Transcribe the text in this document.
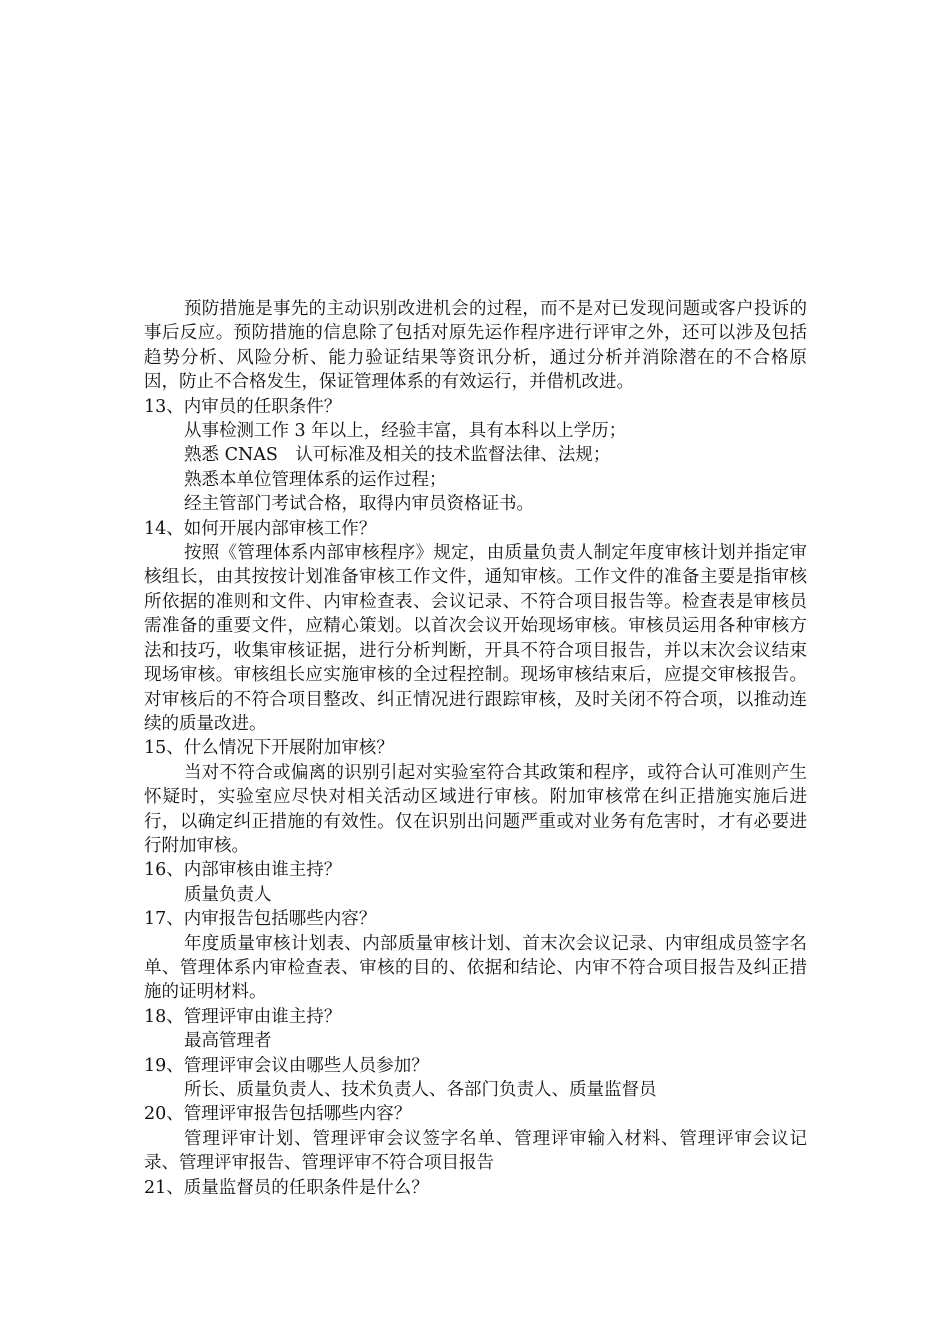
预防措施是事先的主动识别改进机会的过程，而不是对已发现问题或客户投诉的事后反应。预防措施的信息除了包括对原先运作程序进行评审之外，还可以涉及包括趋势分析、风险分析、能力验证结果等资讯分析，通过分析并消除潜在的不合格原因，防止不合格发生，保证管理体系的有效运行，并借机改进。

13、内审员的任职条件？

从事检测工作 3 年以上，经验丰富，具有本科以上学历；

熟悉 CNAS　认可标准及相关的技术监督法律、法规；

熟悉本单位管理体系的运作过程；

经主管部门考试合格，取得内审员资格证书。

14、如何开展内部审核工作？

按照《管理体系内部审核程序》规定，由质量负责人制定年度审核计划并指定审核组长，由其按按计划准备审核工作文件，通知审核。工作文件的准备主要是指审核所依据的准则和文件、内审检查表、会议记录、不符合项目报告等。检查表是审核员需准备的重要文件，应精心策划。以首次会议开始现场审核。审核员运用各种审核方法和技巧，收集审核证据，进行分析判断，开具不符合项目报告，并以末次会议结束现场审核。审核组长应实施审核的全过程控制。现场审核结束后，应提交审核报告。对审核后的不符合项目整改、纠正情况进行跟踪审核，及时关闭不符合项，以推动连续的质量改进。

15、什么情况下开展附加审核？

当对不符合或偏离的识别引起对实验室符合其政策和程序，或符合认可准则产生怀疑时，实验室应尽快对相关活动区域进行审核。附加审核常在纠正措施实施后进行，以确定纠正措施的有效性。仅在识别出问题严重或对业务有危害时，才有必要进行附加审核。

16、内部审核由谁主持？

质量负责人

17、内审报告包括哪些内容？

年度质量审核计划表、内部质量审核计划、首末次会议记录、内审组成员签字名单、管理体系内审检查表、审核的目的、依据和结论、内审不符合项目报告及纠正措施的证明材料。

18、管理评审由谁主持？

最高管理者

19、管理评审会议由哪些人员参加？

所长、质量负责人、技术负责人、各部门负责人、质量监督员

20、管理评审报告包括哪些内容？

管理评审计划、管理评审会议签字名单、管理评审输入材料、管理评审会议记录、管理评审报告、管理评审不符合项目报告

21、质量监督员的任职条件是什么？
